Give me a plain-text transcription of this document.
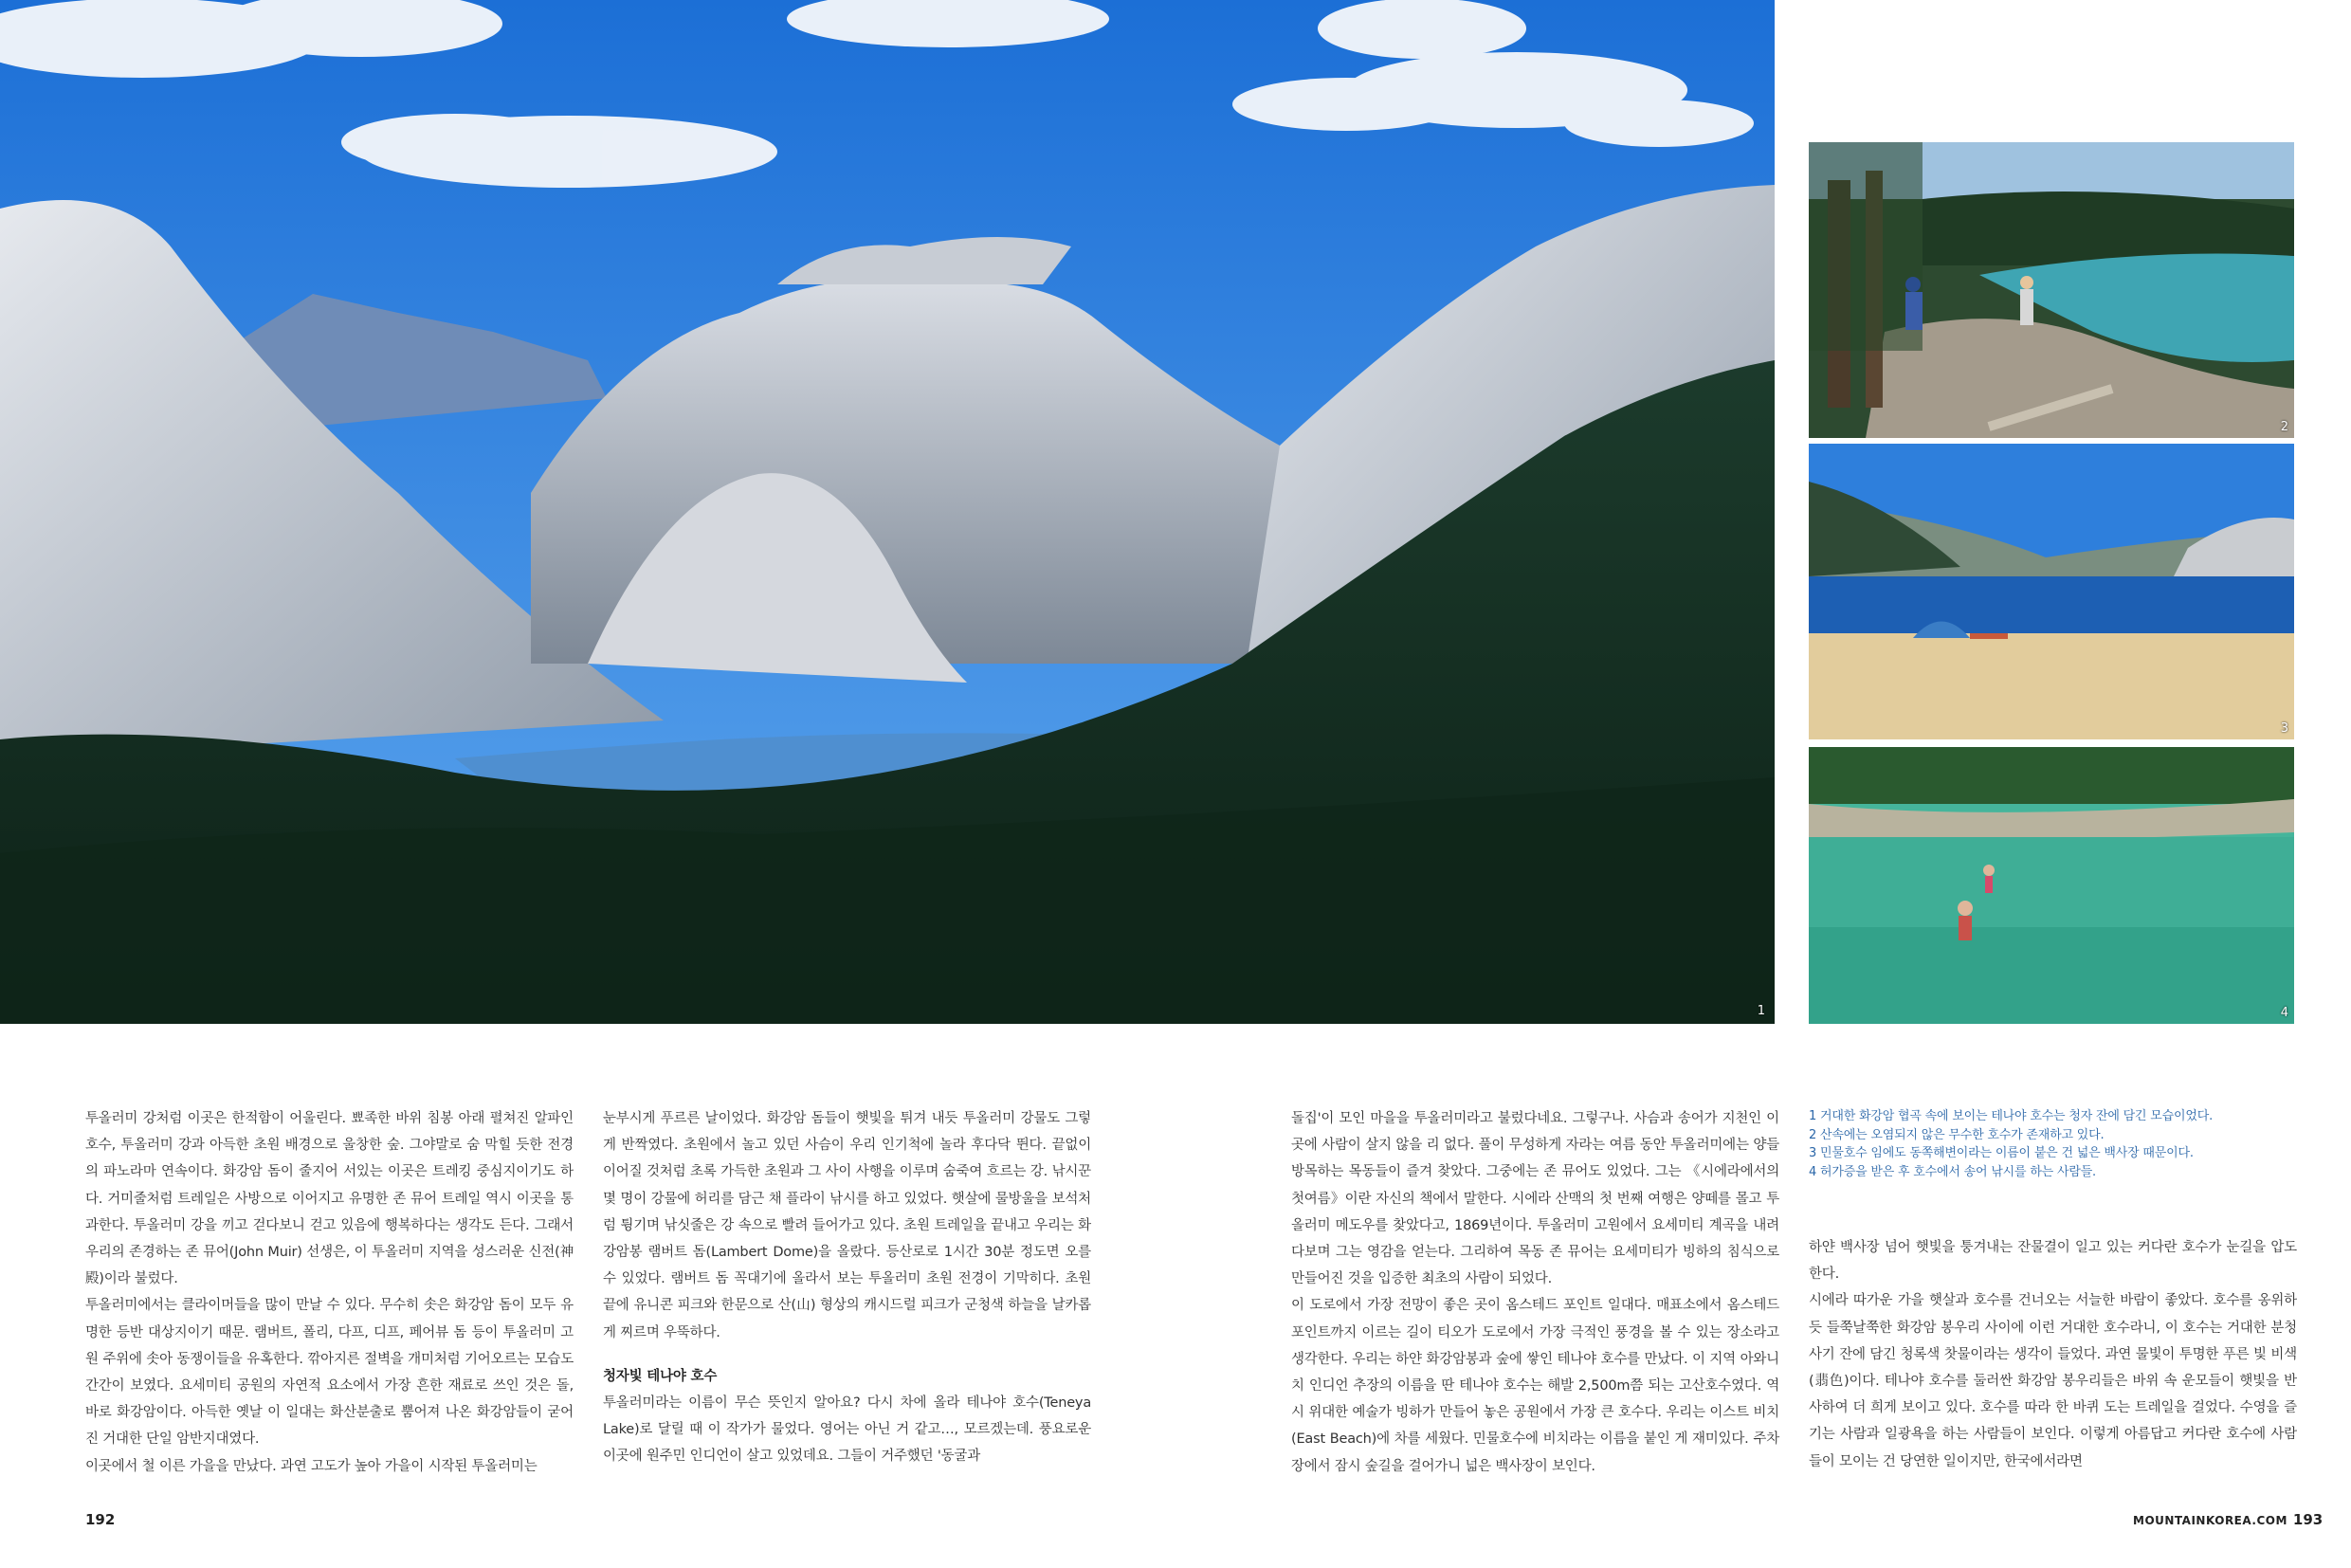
1
2
3
4

투올러미 강처럼 이곳은 한적함이 어울린다. 뾰족한 바위 침봉 아래 펼쳐진 알파인 호수, 투올러미 강과 아득한 초원 배경으로 울창한 숲. 그야말로 숨 막힐 듯한 전경의 파노라마 연속이다. 화강암 돔이 줄지어 서있는 이곳은 트레킹 중심지이기도 하다. 거미줄처럼 트레일은 사방으로 이어지고 유명한 존 뮤어 트레일 역시 이곳을 통과한다. 투올러미 강을 끼고 걷다보니 걷고 있음에 행복하다는 생각도 든다. 그래서 우리의 존경하는 존 뮤어(John Muir) 선생은, 이 투올러미 지역을 성스러운 신전(神殿)이라 불렀다.

투올러미에서는 클라이머들을 많이 만날 수 있다. 무수히 솟은 화강암 돔이 모두 유명한 등반 대상지이기 때문. 램버트, 폴리, 다프, 디프, 페어뷰 돔 등이 투올러미 고원 주위에 솟아 동쟁이들을 유혹한다. 깎아지른 절벽을 개미처럼 기어오르는 모습도 간간이 보였다. 요세미티 공원의 자연적 요소에서 가장 흔한 재료로 쓰인 것은 돌, 바로 화강암이다. 아득한 옛날 이 일대는 화산분출로 뿜어져 나온 화강암들이 굳어진 거대한 단일 암반지대였다.

이곳에서 철 이른 가을을 만났다. 과연 고도가 높아 가을이 시작된 투올러미는

눈부시게 푸르른 날이었다. 화강암 돔들이 햇빛을 튀겨 내듯 투올러미 강물도 그렇게 반짝였다. 초원에서 놀고 있던 사슴이 우리 인기척에 놀라 후다닥 뛴다. 끝없이 이어질 것처럼 초록 가득한 초원과 그 사이 사행을 이루며 숨죽여 흐르는 강. 낚시꾼 몇 명이 강물에 허리를 담근 채 플라이 낚시를 하고 있었다. 햇살에 물방울을 보석처럼 튕기며 낚싯줄은 강 속으로 빨려 들어가고 있다. 초원 트레일을 끝내고 우리는 화강암봉 램버트 돔(Lambert Dome)을 올랐다. 등산로로 1시간 30분 정도면 오를 수 있었다. 램버트 돔 꼭대기에 올라서 보는 투올러미 초원 전경이 기막히다. 초원 끝에 유니콘 피크와 한문으로 산(山) 형상의 캐시드럴 피크가 군청색 하늘을 날카롭게 찌르며 우뚝하다.

청자빛 테나야 호수

투올러미라는 이름이 무슨 뜻인지 알아요? 다시 차에 올라 테나야 호수(Teneya Lake)로 달릴 때 이 작가가 물었다. 영어는 아닌 거 같고…, 모르겠는데. 풍요로운 이곳에 원주민 인디언이 살고 있었데요. 그들이 거주했던 '동굴과

돌집'이 모인 마을을 투올러미라고 불렀다네요. 그렇구나. 사슴과 송어가 지천인 이곳에 사람이 살지 않을 리 없다. 풀이 무성하게 자라는 여름 동안 투올러미에는 양들 방목하는 목동들이 즐겨 찾았다. 그중에는 존 뮤어도 있었다. 그는 《시에라에서의 첫여름》이란 자신의 책에서 말한다. 시에라 산맥의 첫 번째 여행은 양떼를 몰고 투올러미 메도우를 찾았다고, 1869년이다. 투올러미 고원에서 요세미티 계곡을 내려다보며 그는 영감을 얻는다. 그리하여 목동 존 뮤어는 요세미티가 빙하의 침식으로 만들어진 것을 입증한 최초의 사람이 되었다.

이 도로에서 가장 전망이 좋은 곳이 옴스테드 포인트 일대다. 매표소에서 옴스테드 포인트까지 이르는 길이 티오가 도로에서 가장 극적인 풍경을 볼 수 있는 장소라고 생각한다. 우리는 하얀 화강암봉과 숲에 쌓인 테나야 호수를 만났다. 이 지역 아와니치 인디언 추장의 이름을 딴 테나야 호수는 해발 2,500m쯤 되는 고산호수였다. 역시 위대한 예술가 빙하가 만들어 놓은 공원에서 가장 큰 호수다. 우리는 이스트 비치(East Beach)에 차를 세웠다. 민물호수에 비치라는 이름을 붙인 게 재미있다. 주차장에서 잠시 숲길을 걸어가니 넓은 백사장이 보인다.

1 거대한 화강암 협곡 속에 보이는 테나야 호수는 청자 잔에 담긴 모습이었다.
2 산속에는 오염되지 않은 무수한 호수가 존재하고 있다.
3 민물호수 임에도 동쪽해변이라는 이름이 붙은 건 넓은 백사장 때문이다.
4 허가증을 받은 후 호수에서 송어 낚시를 하는 사람들.

하얀 백사장 넘어 햇빛을 퉁겨내는 잔물결이 일고 있는 커다란 호수가 눈길을 압도 한다.

시에라 따가운 가을 햇살과 호수를 건너오는 서늘한 바람이 좋았다. 호수를 옹위하듯 들쭉날쭉한 화강암 봉우리 사이에 이런 거대한 호수라니, 이 호수는 거대한 분청사기 잔에 담긴 청록색 찻물이라는 생각이 들었다. 과연 물빛이 투명한 푸른 빛 비색(翡色)이다. 테나야 호수를 둘러싼 화강암 봉우리들은 바위 속 운모들이 햇빛을 반사하여 더 희게 보이고 있다. 호수를 따라 한 바퀴 도는 트레일을 걸었다. 수영을 즐기는 사람과 일광욕을 하는 사람들이 보인다. 이렇게 아름답고 커다란 호수에 사람들이 모이는 건 당연한 일이지만, 한국에서라면

192	MOUNTAINKOREA.COM 193
